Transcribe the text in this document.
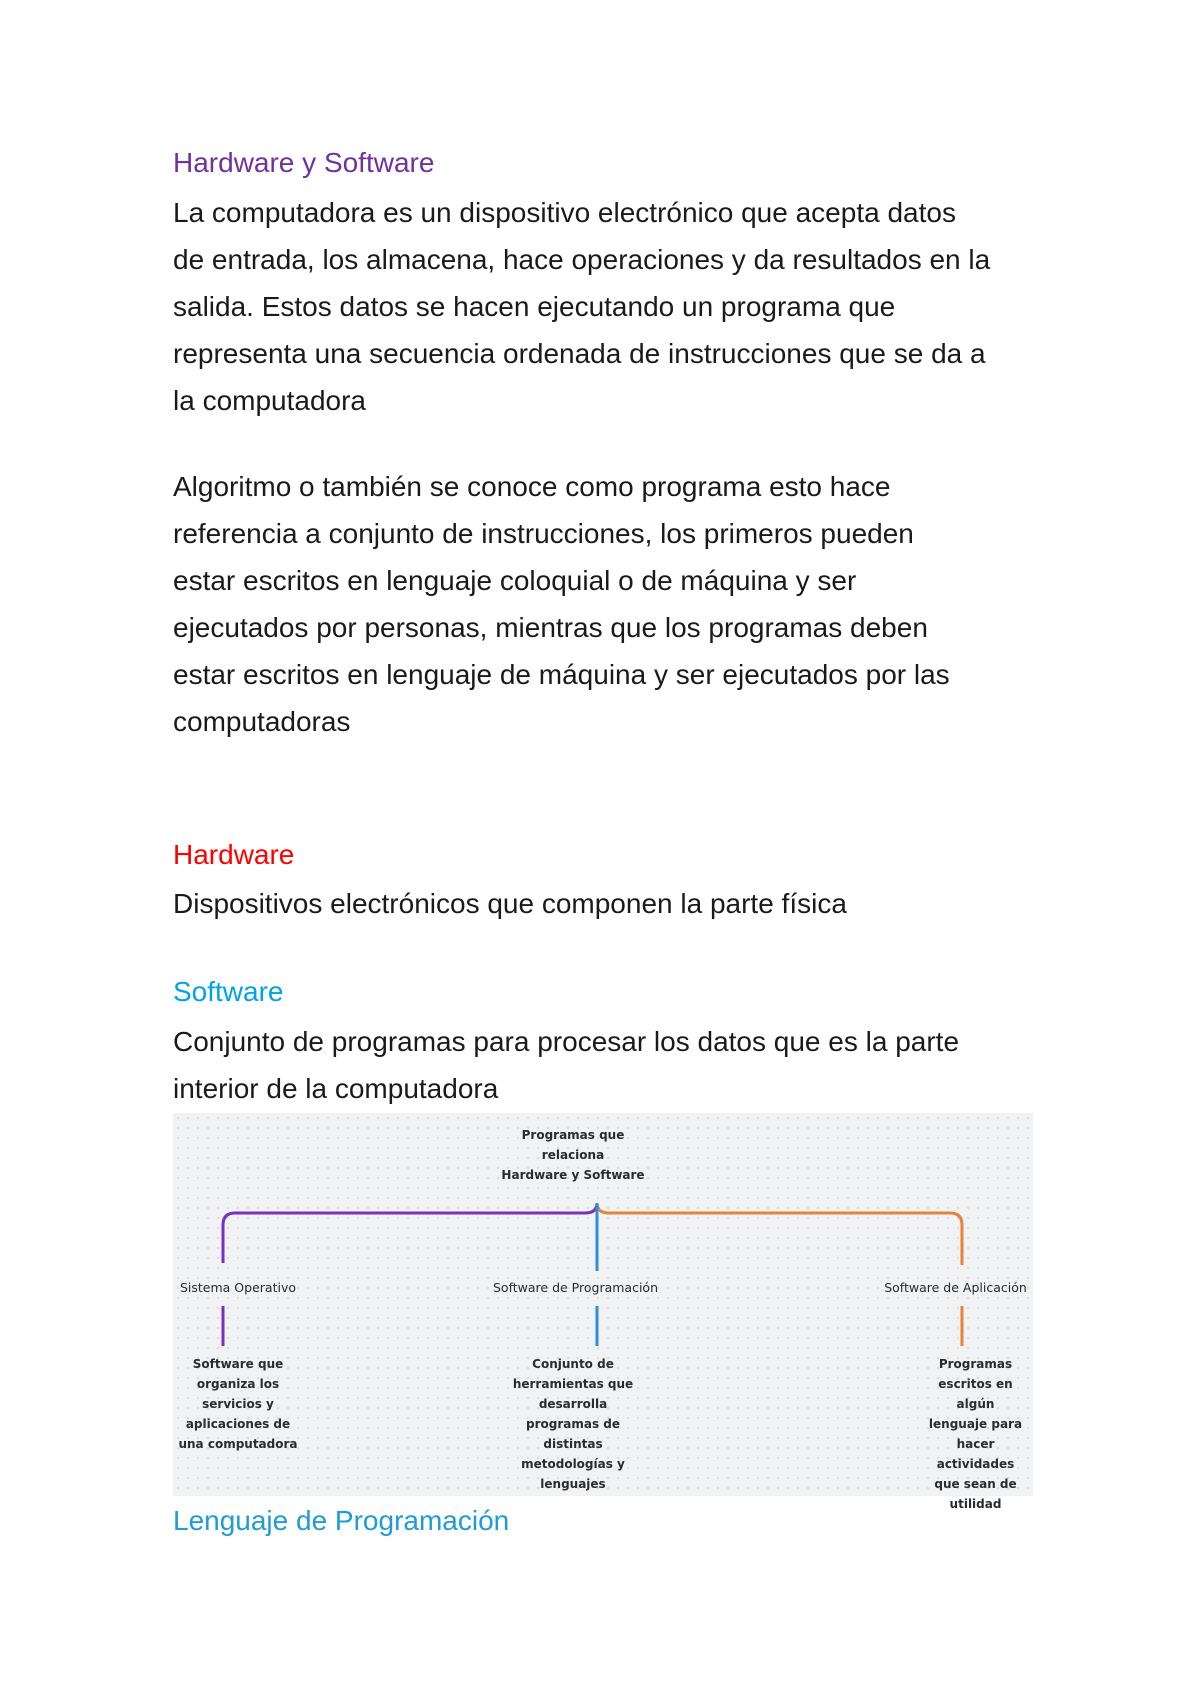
Hardware y Software

La computadora es un dispositivo electrónico que acepta datos
de entrada, los almacena, hace operaciones y da resultados en la
salida. Estos datos se hacen ejecutando un programa que
representa una secuencia ordenada de instrucciones que se da a
la computadora

Algoritmo o también se conoce como programa esto hace
referencia a conjunto de instrucciones, los primeros pueden
estar escritos en lenguaje coloquial o de máquina y ser
ejecutados por personas, mientras que los programas deben
estar escritos en lenguaje de máquina y ser ejecutados por las
computadoras

Hardware

Dispositivos electrónicos que componen la parte física

Software

Conjunto de programas para procesar los datos que es la parte
interior de la computadora

Programas que
relaciona
Hardware y Software
Sistema Operativo	Software de Programación	Software de Aplicación
Software que
organiza los
servicios y
aplicaciones de
una computadora
Conjunto de
herramientas que
desarrolla
programas de
distintas
metodologías y
lenguajes
Programas
escritos en algún
lenguaje para
hacer actividades
que sean de
utilidad
Lenguaje de Programación
